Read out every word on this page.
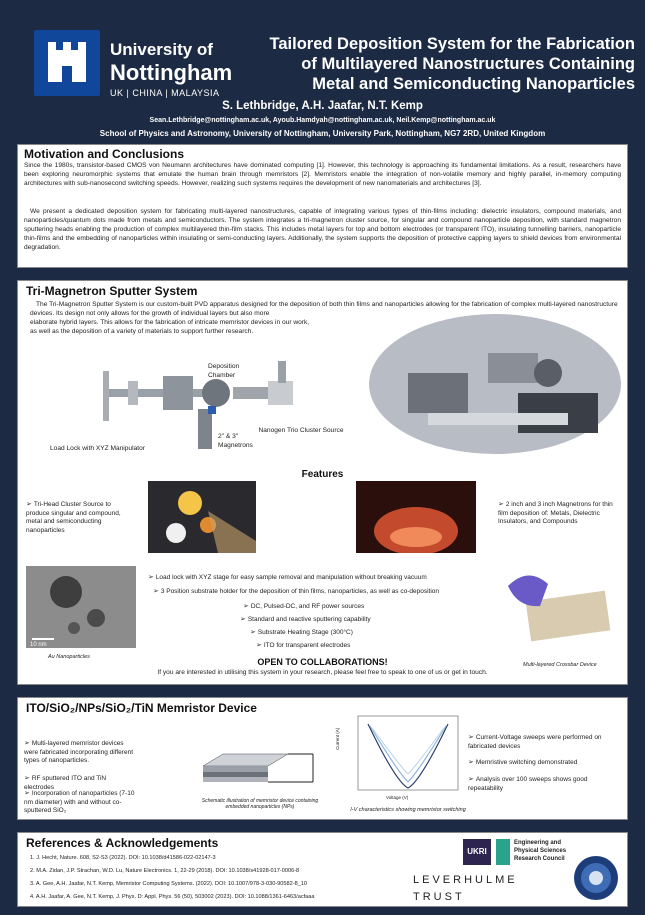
University of
Nottingham
UK | CHINA | MALAYSIA
Tailored Deposition System for the Fabrication
of Multilayered Nanostructures Containing
Metal and Semiconducting Nanoparticles
S. Lethbridge, A.H. Jaafar, N.T. Kemp
Sean.Lethbridge@nottingham.ac.uk, Ayoub.Hamdyah@nottingham.ac.uk, Neil.Kemp@nottingham.ac.uk
School of Physics and Astronomy, University of Nottingham, University Park, Nottingham, NG7 2RD, United Kingdom
Motivation and Conclusions
Since the 1980s, transistor-based CMOS von Neumann architectures have dominated computing [1]. However, this technology is approaching its fundamental limitations. As a result, researchers have been exploring neuromorphic systems that emulate the human brain through memristors [2]. Memristors enable the integration of non-volatile memory and highly parallel, in-memory computing architectures with sub-nanosecond switching speeds. However, realizing such systems requires the development of new nanomaterials and architectures [3].
We present a dedicated deposition system for fabricating multi-layered nanostructures, capable of integrating various types of thin-films including: dielectric insulators, compound materials, and nanoparticles/quantum dots made from metals and semiconductors. The system integrates a tri-magnetron cluster source, for singular and compound nanoparticle deposition, with standard magnetron sputtering heads enabling the production of complex multilayered thin-film stacks. This includes metal layers for top and bottom electrodes (or transparent ITO), insulating tunnelling barriers, nanoparticle thin-films and the embedding of nanoparticles within insulating or semi-conducting layers. Additionally, the system supports the deposition of protective capping layers to shield devices from environmental degradation.
Tri-Magnetron Sputter System
The Tri-Magnetron Sputter System is our custom-built PVD apparatus designed for the deposition of both thin films and nanoparticles allowing for the fabrication of complex multi-layered nanostructure devices. Its design not only allows for the growth of individual layers but also more
elaborate hybrid layers. This allows for the fabrication of intricate memristor devices in our work,
as well as the deposition of a variety of materials to support further research.
Deposition Chamber
2" & 3" Magnetrons
Nanogen Trio Cluster Source
Load Lock with XYZ Manipulator
Features
➢ Tri-Head Cluster Source to produce singular and compound, metal and semiconducting nanoparticles
➢ 2 inch and 3 inch Magnetrons for thin film deposition of: Metals, Dielectric Insulators, and Compounds
10 nm
Au Nanoparticles
➢ Load lock with XYZ stage for easy sample removal and manipulation without breaking vacuum
➢ 3 Position substrate holder for the deposition of thin films, nanoparticles, as well as co-deposition
➢ DC, Pulsed-DC, and RF power sources
➢ Standard and reactive sputtering capability
➢ Substrate Heating Stage (300°C)
➢ ITO for transparent electrodes
Multi-layered Crossbar Device
OPEN TO COLLABORATIONS!
If you are interested in utilising this system in your research, please feel free to speak to one of us or get in touch.
ITO/SiO₂/NPs/SiO₂/TiN Memristor Device
➢ Multi-layered memristor devices were fabricated incorporating different types of nanoparticles.
➢ RF sputtered ITO and TiN electrodes
➢ Incorporation of nanoparticles (7-10 nm diameter) with and without co-sputtered SiO₂
Schematic illustration of memristor device containing embedded nanoparticles (NPs)
Voltage (V)
Current (A)
I-V characteristics showing memristor switching
➢ Current-Voltage sweeps were performed on fabricated devices
➢ Memristive switching demonstrated
➢ Analysis over 100 sweeps shows good repeatability
References & Acknowledgements
1. J. Hecht, Nature. 608, S2-S3 (2022). DOI: 10.1038/d41586-022-02147-3
2. M.A. Zidan, J.P. Strachan, W.D. Lu, Nature Electronics. 1, 22-29 (2018). DOI: 10.1038/s41928-017-0006-8
3. A. Gee, A.H. Jaafar, N.T. Kemp, Memristor Computing Systems. (2022). DOI: 10.1007/978-3-030-90582-8_10
4. A.H. Jaafar, A. Gee, N.T. Kemp, J. Phys. D: Appl. Phys. 56 (50), 503002 (2023). DOI: 10.1088/1361-6463/acfaaa
UKRI
Engineering and
Physical Sciences
Research Council
LEVERHULME
TRUST
